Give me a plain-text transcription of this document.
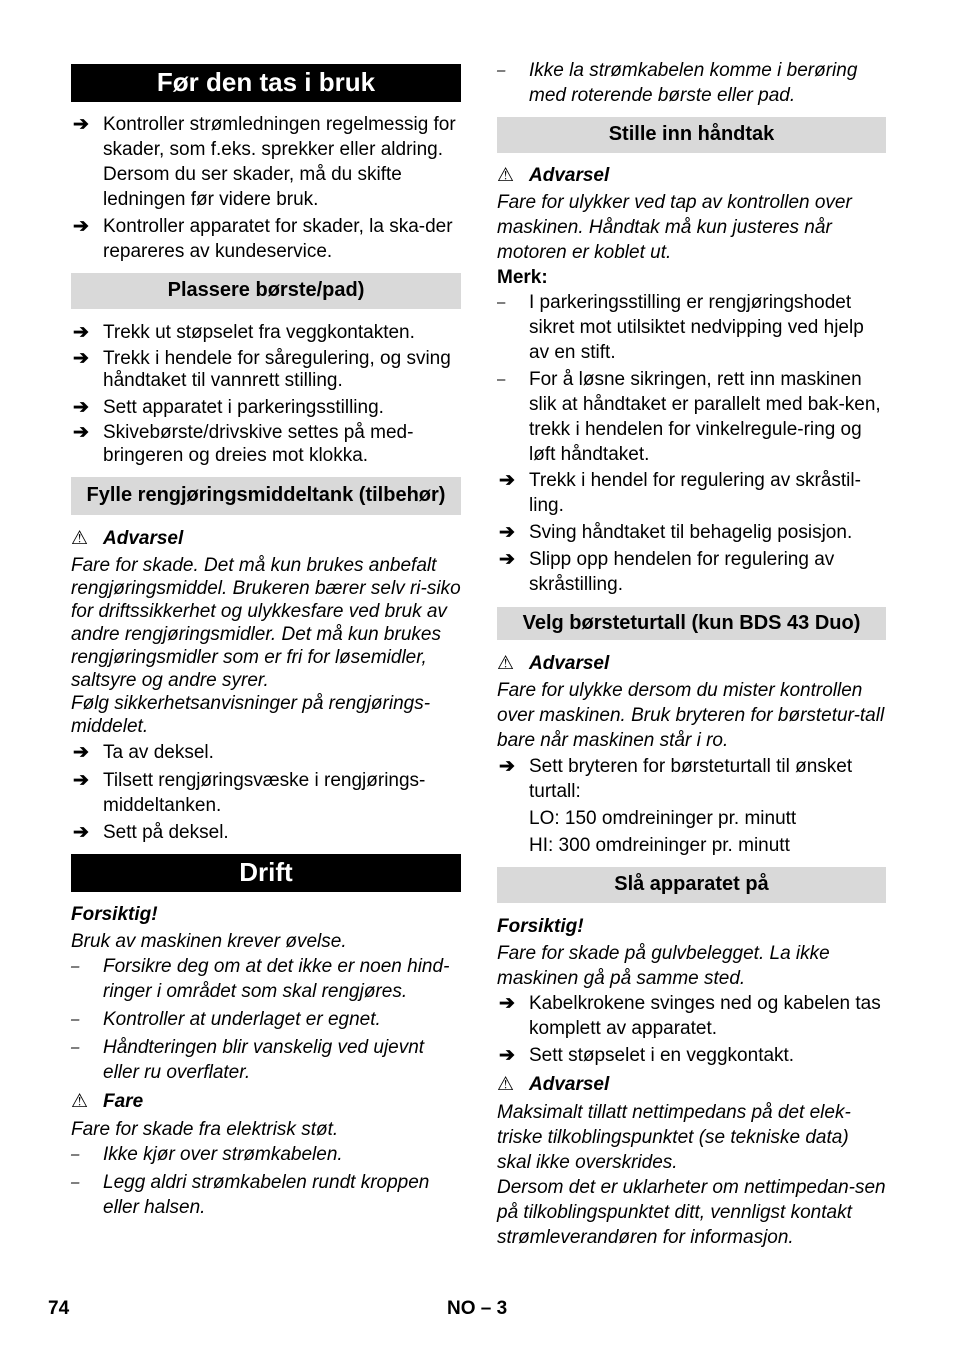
Før den tas i bruk
➔ Kontroller strømledningen regelmessig for skader, som f.eks. sprekker eller aldring. Dersom du ser skader, må du skifte ledningen før videre bruk.
➔ Kontroller apparatet for skader, la ska-der repareres av kundeservice.
Plassere børste/pad)
➔ Trekk ut støpselet fra veggkontakten.
➔ Trekk i hendele for såregulering, og sving håndtaket til vannrett stilling.
➔ Sett apparatet i parkeringsstilling.
➔ Skivebørste/drivskive settes på med-bringeren og dreies mot klokka.
Fylle rengjøringsmiddeltank (tilbehør)
⚠ Advarsel
Fare for skade. Det må kun brukes anbefalt rengjøringsmiddel. Brukeren bærer selv ri-siko for driftssikkerhet og ulykkesfare ved bruk av andre rengjøringsmidler. Det må kun brukes rengjøringsmidler som er fri for løsemidler, saltsyre og andre syrer.
Følg sikkerhetsanvisninger på rengjørings-middelet.
➔ Ta av deksel.
➔ Tilsett rengjøringsvæske i rengjørings-middeltanken.
➔ Sett på deksel.
Drift
Forsiktig!
Bruk av maskinen krever øvelse.
– Forsikre deg om at det ikke er noen hind-ringer i området som skal rengjøres.
– Kontroller at underlaget er egnet.
– Håndteringen blir vanskelig ved ujevnt eller ru overflater.
⚠ Fare
Fare for skade fra elektrisk støt.
– Ikke kjør over strømkabelen.
– Legg aldri strømkabelen rundt kroppen eller halsen.
– Ikke la strømkabelen komme i berøring med roterende børste eller pad.
Stille inn håndtak
⚠ Advarsel
Fare for ulykker ved tap av kontrollen over maskinen. Håndtak må kun justeres når motoren er koblet ut.
Merk:
– I parkeringsstilling er rengjøringshodet sikret mot utilsiktet nedvipping ved hjelp av en stift.
– For å løsne sikringen, rett inn maskinen slik at håndtaket er parallelt med bak-ken, trekk i hendelen for vinkelregule-ring og løft håndtaket.
➔ Trekk i hendel for regulering av skråstil-ling.
➔ Sving håndtaket til behagelig posisjon.
➔ Slipp opp hendelen for regulering av skråstilling.
Velg børsteturtall (kun BDS 43 Duo)
⚠ Advarsel
Fare for ulykke dersom du mister kontrollen over maskinen. Bruk bryteren for børstetur-tall bare når maskinen står i ro.
➔ Sett bryteren for børsteturtall til ønsket turtall:
LO: 150 omdreininger pr. minutt
HI: 300 omdreininger pr. minutt
Slå apparatet på
Forsiktig!
Fare for skade på gulvbelegget. La ikke maskinen gå på samme sted.
➔ Kabelkrokene svinges ned og kabelen tas komplett av apparatet.
➔ Sett støpselet i en veggkontakt.
⚠ Advarsel
Maksimalt tillatt nettimpedans på det elek-triske tilkoblingspunktet (se tekniske data) skal ikke overskrides.
Dersom det er uklarheter om nettimpedan-sen på tilkoblingspunktet ditt, vennligst kontakt strømleverandøren for informasjon.
74	NO – 3
